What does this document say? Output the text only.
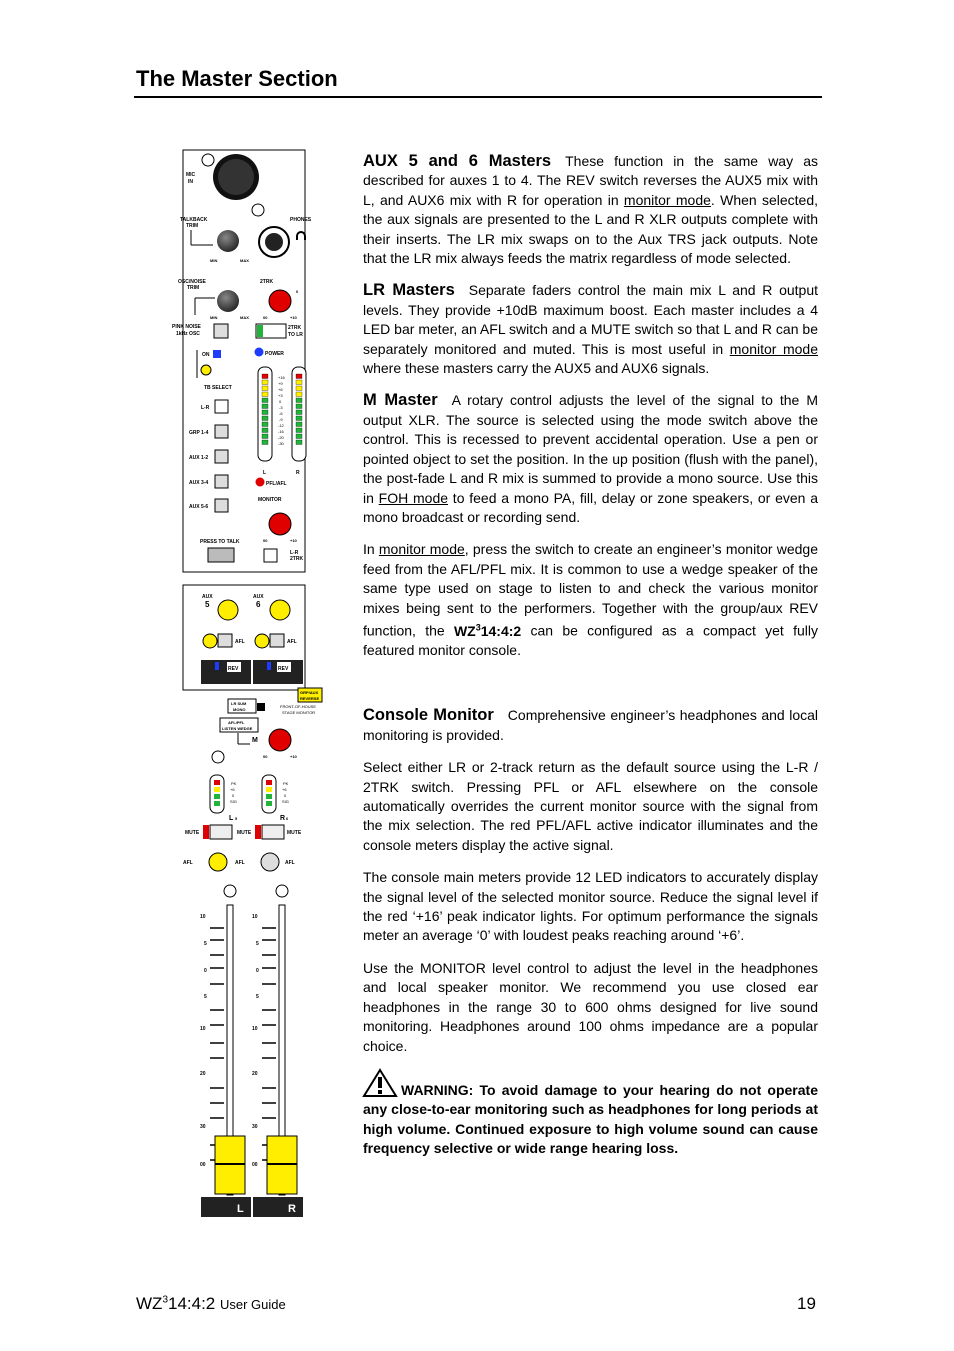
The Master Section
MIC
IN
TALKBACK
TRIM
PHONES
MIN	MAX
OSC/NOISE
TRIM
2TRK
MIN	MAX	00	+10
0
PINK NOISE
1kHz OSC
2TRK
TO LR
ON	POWER
TB SELECT
L-R
GRP 1-4
AUX 1-2
AUX 3-4
AUX 5-6
+16
+9
+6
+3
0
-3
-6
-9
-12
-16
-20
-30
L	R
PFL/AFL
MONITOR
00	+10
PRESS TO TALK
L-R
2TRK
AUX
5
AUX
6
AFL	AFL
REV	REV
GRP/AUX
REVERSE
LR SUM
MONO
FRONT-OF-HOUSE
STAGE MONITOR
AFL/PFL
LISTEN WEDGE
M
00	+10
PK
+6
0
SIG
PK
+6
0
SIG
L 5	R 6
MUTE	MUTE	MUTE
AFL	AFL	AFL
10
5
0
5
10
20
30
00
10
5
0
5
10
20
30
00
L	R

AUX 5 and 6 Masters These function in the same way as described for auxes 1 to 4. The REV switch reverses the AUX5 mix with L, and AUX6 mix with R for operation in monitor mode. When selected, the aux signals are presented to the L and R XLR outputs complete with their inserts. The LR mix swaps on to the Aux TRS jack outputs. Note that the LR mix always feeds the matrix regardless of mode selected.

LR Masters Separate faders control the main mix L and R output levels. They provide +10dB maximum boost. Each master includes a 4 LED bar meter, an AFL switch and a MUTE switch so that L and R can be separately monitored and muted. This is most useful in monitor mode where these masters carry the AUX5 and AUX6 signals.

M Master A rotary control adjusts the level of the signal to the M output XLR. The source is selected using the mode switch above the control. This is recessed to prevent accidental operation. Use a pen or pointed object to set the position. In the up position (flush with the panel), the post-fade L and R mix is summed to provide a mono source. Use this in FOH mode to feed a mono PA, fill, delay or zone speakers, or even a mono broadcast or recording send.

In monitor mode, press the switch to create an engineer’s monitor wedge feed from the AFL/PFL mix. It is common to use a wedge speaker of the same type used on stage to listen to and check the various monitor mixes being sent to the performers. Together with the group/aux REV function, the $WZ^314:4:2$ can be configured as a compact yet fully featured monitor console.

Console Monitor Comprehensive engineer’s headphones and local monitoring is provided.

Select either LR or 2-track return as the default source using the L-R / 2TRK switch. Pressing PFL or AFL elsewhere on the console automatically overrides the current monitor source with the signal from the mix selection. The red PFL/AFL active indicator illuminates and the console meters display the active signal.

The console main meters provide 12 LED indicators to accurately display the signal level of the selected monitor source. Reduce the signal level if the red ‘+16’ peak indicator lights. For optimum performance the signals meter an average ‘0’ with loudest peaks reaching around ‘+6’.

Use the MONITOR level control to adjust the level in the headphones and local speaker monitor. We recommend you use closed ear headphones in the range 30 to 600 ohms designed for live sound monitoring. Headphones around 100 ohms impedance are a popular choice.

WARNING: To avoid damage to your hearing do not operate any close-to-ear monitoring such as headphones for long periods at high volume. Continued exposure to high volume sound can cause frequency selective or wide range hearing loss.

$WZ^314:4:2$ User Guide	19
